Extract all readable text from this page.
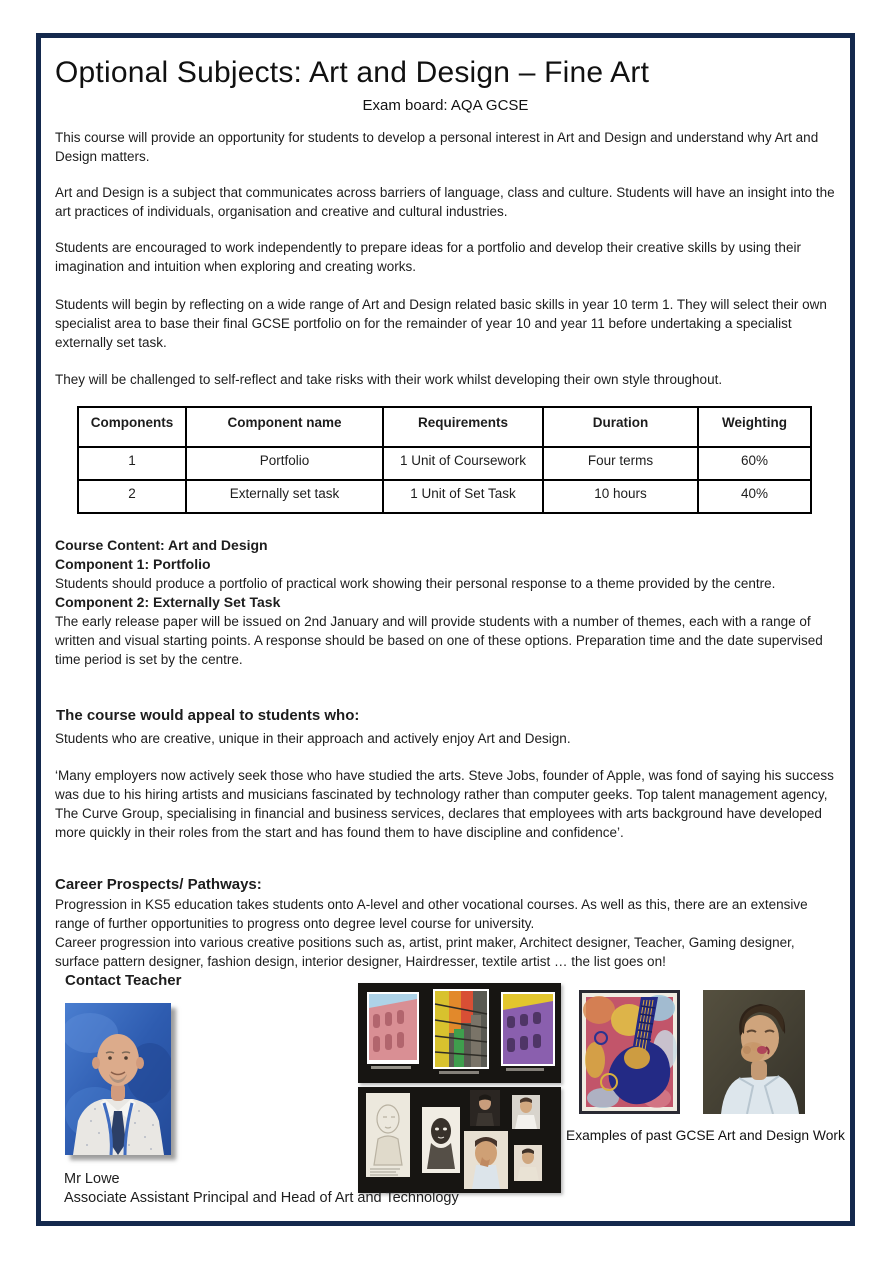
Optional Subjects: Art and Design – Fine Art
Exam board: AQA GCSE
This course will provide an opportunity for students to develop a personal interest in Art and Design and understand why Art and Design matters.
Art and Design is a subject that communicates across barriers of language, class and culture. Students will have an insight into the art practices of individuals, organisation and creative and cultural industries.
Students are encouraged to work independently to prepare ideas for a portfolio and develop their creative skills by using their imagination and intuition when exploring and creating works.
Students will begin by reflecting on a wide range of Art and Design related basic skills in year 10 term 1. They will select their own specialist area to base their final GCSE portfolio on for the remainder of year 10 and year 11 before undertaking a specialist externally set task.
They will be challenged to self-reflect and take risks with their work whilst developing their own style throughout.
Components	Component name	Requirements	Duration	Weighting
1	Portfolio	1 Unit of Coursework	Four terms	60%
2	Externally set task	1 Unit of Set Task	10 hours	40%
Course Content: Art and Design
Component 1: Portfolio
Students should produce a portfolio of practical work showing their personal response to a theme provided by the centre.
Component 2: Externally Set Task
The early release paper will be issued on 2nd January and will provide students with a number of themes, each with a range of written and visual starting points. A response should be based on one of these options. Preparation time and the date supervised time period is set by the centre.
The course would appeal to students who:
Students who are creative, unique in their approach and actively enjoy Art and Design.
‘Many employers now actively seek those who have studied the arts. Steve Jobs, founder of Apple, was fond of saying his success was due to his hiring artists and musicians fascinated by technology rather than computer geeks. Top talent management agency, The Curve Group, specialising in financial and business services, declares that employees with arts background have developed more quickly in their roles from the start and has found them to have discipline and confidence’.
Career Prospects/ Pathways:
Progression in KS5 education takes students onto A-level and other vocational courses. As well as this, there are an extensive range of further opportunities to progress onto degree level course for university.
Career progression into various creative positions such as, artist, print maker, Architect designer, Teacher, Gaming designer, surface pattern designer, fashion design, interior designer, Hairdresser, textile artist … the list goes on!
Contact Teacher
Examples of past GCSE Art and Design Work
Mr Lowe
Associate Assistant Principal and Head of Art and Technology
